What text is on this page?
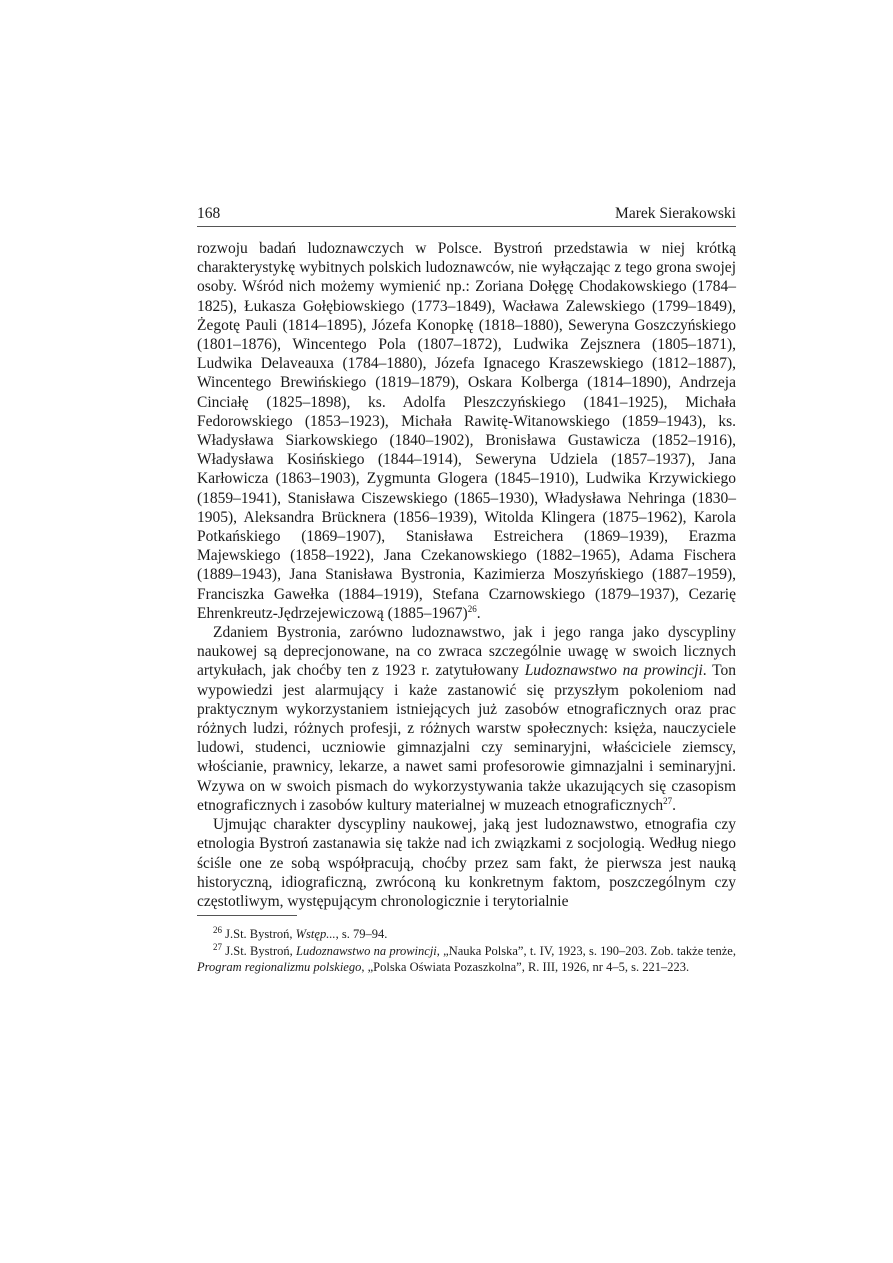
168	Marek Sierakowski

rozwoju badań ludoznawczych w Polsce. Bystroń przedstawia w niej krótką charakterystykę wybitnych polskich ludoznawców, nie wyłączając z tego grona swojej osoby. Wśród nich możemy wymienić np.: Zoriana Dołęgę Chodakowskiego (1784–1825), Łukasza Gołębiowskiego (1773–1849), Wacława Zalewskiego (1799–1849), Żegotę Pauli (1814–1895), Józefa Konopkę (1818–1880), Seweryna Goszczyńskiego (1801–1876), Wincentego Pola (1807–1872), Ludwika Zejsznera (1805–1871), Ludwika Delaveauxa (1784–1880), Józefa Ignacego Kraszewskiego (1812–1887), Wincentego Brewińskiego (1819–1879), Oskara Kolberga (1814–1890), Andrzeja Cinciałę (1825–1898), ks. Adolfa Pleszczyńskiego (1841–1925), Michała Fedorowskiego (1853–1923), Michała Rawitę-Witanowskiego (1859–1943), ks. Władysława Siarkowskiego (1840–1902), Bronisława Gustawicza (1852–1916), Władysława Kosińskiego (1844–1914), Seweryna Udziela (1857–1937), Jana Karłowicza (1863–1903), Zygmunta Glogera (1845–1910), Ludwika Krzywickiego (1859–1941), Stanisława Ciszewskiego (1865–1930), Władysława Nehringa (1830–1905), Aleksandra Brücknera (1856–1939), Witolda Klingera (1875–1962), Karola Potkańskiego (1869–1907), Stanisława Estreichera (1869–1939), Erazma Majewskiego (1858–1922), Jana Czekanowskiego (1882–1965), Adama Fischera (1889–1943), Jana Stanisława Bystronia, Kazimierza Moszyńskiego (1887–1959), Franciszka Gawełka (1884–1919), Stefana Czarnowskiego (1879–1937), Cezarię Ehrenkreutz-Jędrzejewiczową (1885–1967)$^{26}$.

Zdaniem Bystronia, zarówno ludoznawstwo, jak i jego ranga jako dyscypliny naukowej są deprecjonowane, na co zwraca szczególnie uwagę w swoich licznych artykułach, jak choćby ten z 1923 r. zatytułowany Ludoznawstwo na prowincji. Ton wypowiedzi jest alarmujący i każe zastanowić się przyszłym pokoleniom nad praktycznym wykorzystaniem istniejących już zasobów etnograficznych oraz prac różnych ludzi, różnych profesji, z różnych warstw społecznych: księża, nauczyciele ludowi, studenci, uczniowie gimnazjalni czy seminaryjni, właściciele ziemscy, włościanie, prawnicy, lekarze, a nawet sami profesorowie gimnazjalni i seminaryjni. Wzywa on w swoich pismach do wykorzystywania także ukazujących się czasopism etnograficznych i zasobów kultury materialnej w muzeach etnograficznych$^{27}$.

Ujmując charakter dyscypliny naukowej, jaką jest ludoznawstwo, etnografia czy etnologia Bystroń zastanawia się także nad ich związkami z socjologią. Według niego ściśle one ze sobą współpracują, choćby przez sam fakt, że pierwsza jest nauką historyczną, idiograficzną, zwróconą ku konkretnym faktom, poszczególnym czy częstotliwym, występującym chronologicznie i terytorialnie

$^{26}$ J.St. Bystroń, Wstęp..., s. 79–94.

$^{27}$ J.St. Bystroń, Ludoznawstwo na prowincji, „Nauka Polska”, t. IV, 1923, s. 190–203. Zob. także tenże, Program regionalizmu polskiego, „Polska Oświata Pozaszkolna”, R. III, 1926, nr 4–5, s. 221–223.
